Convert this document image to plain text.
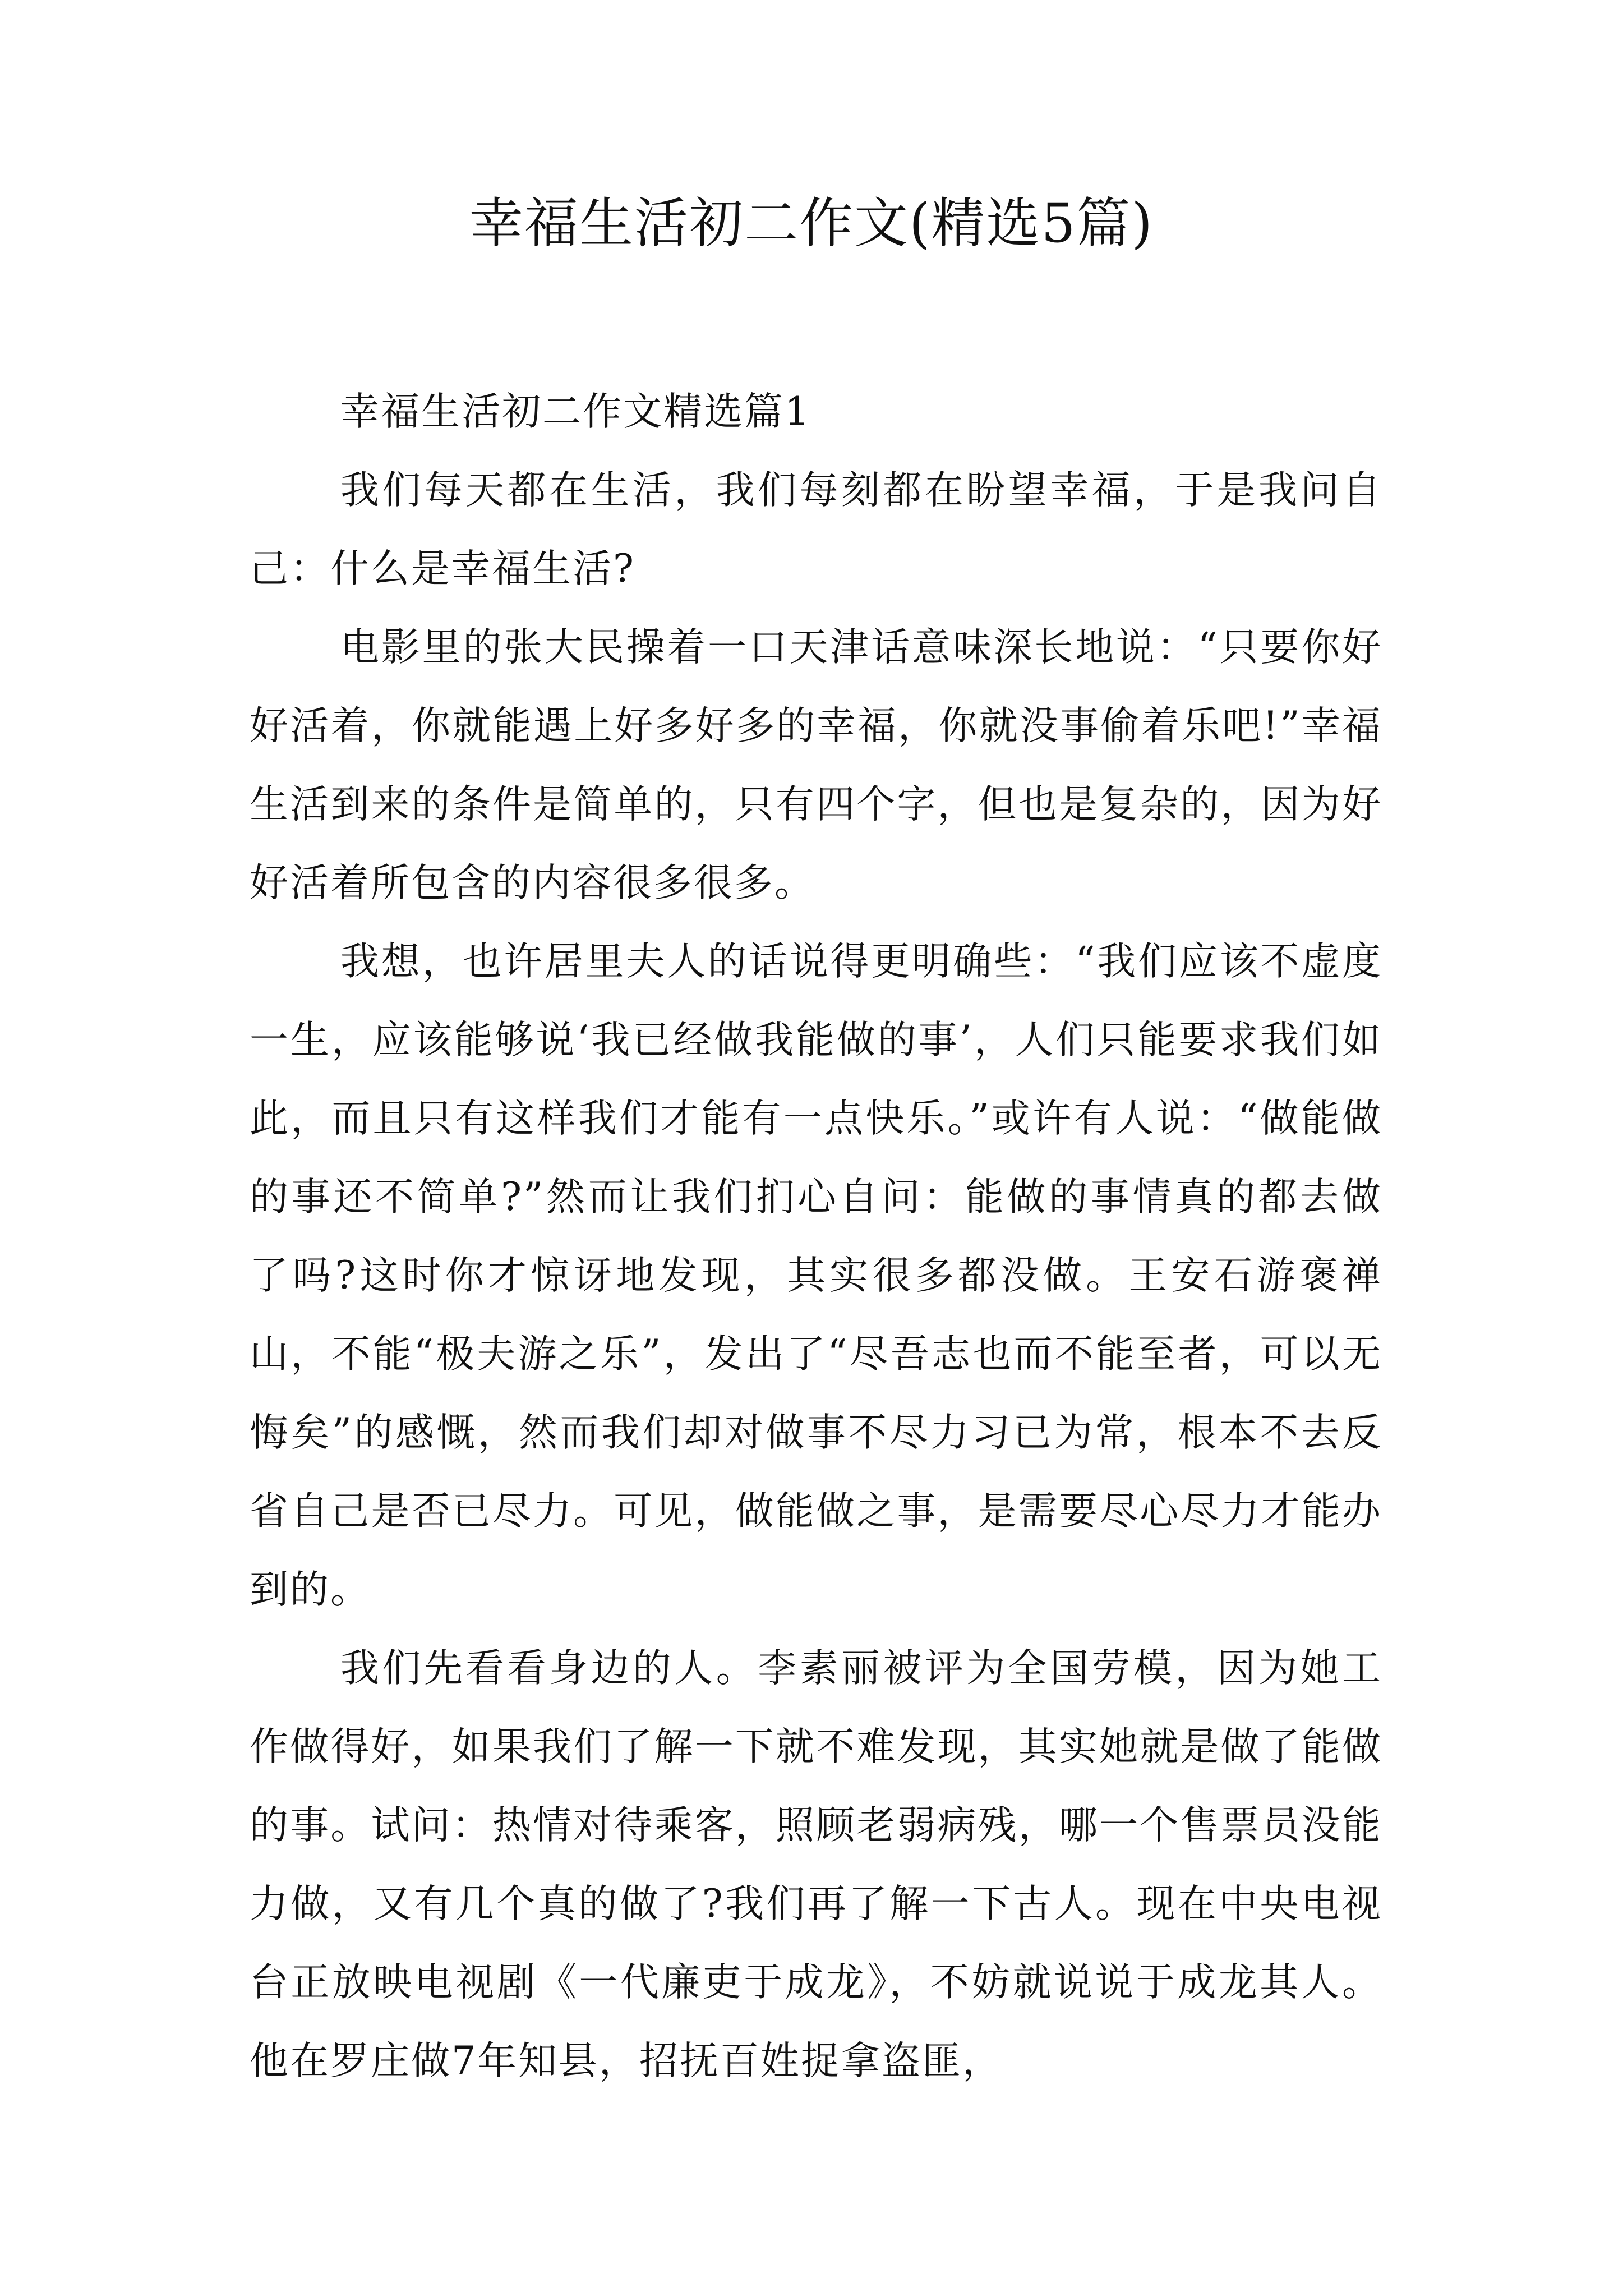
幸福生活初二作文(精选5篇)
幸福生活初二作文精选篇1

我们每天都在生活，我们每刻都在盼望幸福，于是我问自己：什么是幸福生活?

电影里的张大民操着一口天津话意味深长地说：“只要你好好活着，你就能遇上好多好多的幸福，你就没事偷着乐吧!”幸福生活到来的条件是简单的，只有四个字，但也是复杂的，因为好好活着所包含的内容很多很多。

我想，也许居里夫人的话说得更明确些：“我们应该不虚度一生，应该能够说‘我已经做我能做的事’，人们只能要求我们如此，而且只有这样我们才能有一点快乐。”或许有人说：“做能做的事还不简单?”然而让我们扪心自问：能做的事情真的都去做了吗?这时你才惊讶地发现，其实很多都没做。王安石游褒禅山，不能“极夫游之乐”，发出了“尽吾志也而不能至者，可以无悔矣”的感慨，然而我们却对做事不尽力习已为常，根本不去反省自己是否已尽力。可见，做能做之事，是需要尽心尽力才能办到的。

我们先看看身边的人。李素丽被评为全国劳模，因为她工作做得好，如果我们了解一下就不难发现，其实她就是做了能做的事。试问：热情对待乘客，照顾老弱病残，哪一个售票员没能力做，又有几个真的做了?我们再了解一下古人。现在中央电视台正放映电视剧《一代廉吏于成龙》，不妨就说说于成龙其人。他在罗庄做7年知县，招抚百姓捉拿盗匪，
